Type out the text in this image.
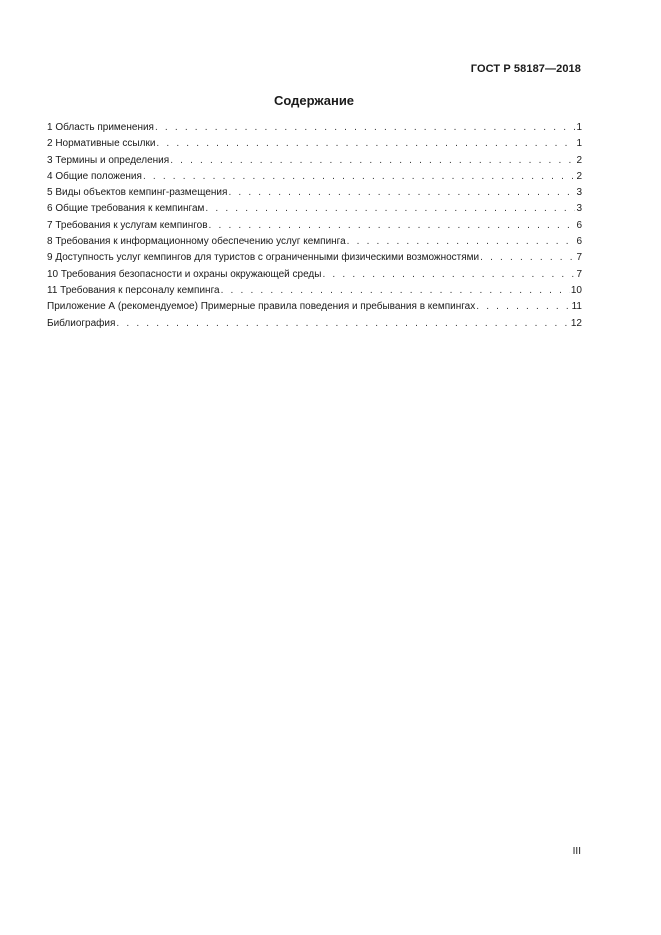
ГОСТ Р 58187—2018
Содержание
1 Область применения . . .	1
2 Нормативные ссылки . . .	1
3 Термины и определения . . .	2
4 Общие положения . . .	2
5 Виды объектов кемпинг-размещения . . .	3
6 Общие требования к кемпингам . . .	3
7 Требования к услугам кемпингов . . .	6
8 Требования к информационному обеспечению услуг кемпинга . . .	6
9 Доступность услуг кемпингов для туристов с ограниченными физическими возможностями . . .	7
10 Требования безопасности и охраны окружающей среды . . .	7
11 Требования к персоналу кемпинга . . .	10
Приложение А (рекомендуемое) Примерные правила поведения и пребывания в кемпингах . . .	11
Библиография . . .	12
III
